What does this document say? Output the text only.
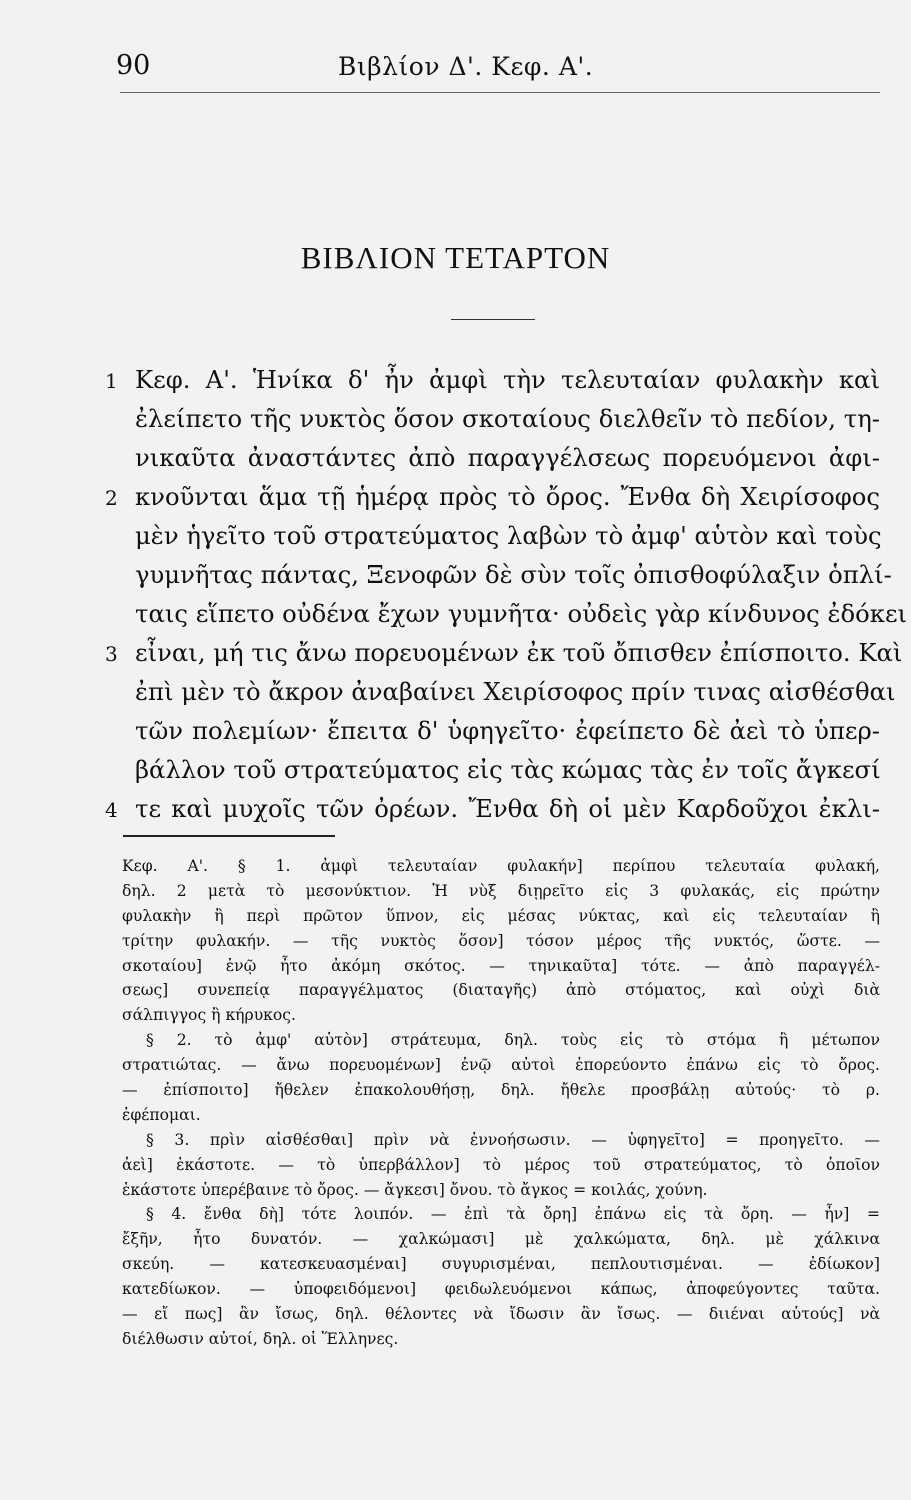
90	Βιβλίον Δ'. Κεφ. Α'.
ΒΙΒΛΙΟΝ ΤΕΤΑΡΤΟΝ
1 Κεφ. Α'. Ἡνίκα δ' ἦν ἀμφὶ τὴν τελευταίαν φυλακὴν καὶ
ἐλείπετο τῆς νυκτὸς ὅσον σκοταίους διελθεῖν τὸ πεδίον, τη-
νικαῦτα ἀναστάντες ἀπὸ παραγγέλσεως πορευόμενοι ἀφι-
2 κνοῦνται ἅμα τῇ ἡμέρᾳ πρὸς τὸ ὄρος. Ἔνθα δὴ Χειρίσοφος
μὲν ἡγεῖτο τοῦ στρατεύματος λαβὼν τὸ ἀμφ' αὑτὸν καὶ τοὺς
γυμνῆτας πάντας, Ξενοφῶν δὲ σὺν τοῖς ὀπισθοφύλαξιν ὁπλί-
ταις εἵπετο οὐδένα ἔχων γυμνῆτα· οὐδεὶς γὰρ κίνδυνος ἐδόκει
3 εἶναι, μή τις ἄνω πορευομένων ἐκ τοῦ ὄπισθεν ἐπίσποιτο. Καὶ
ἐπὶ μὲν τὸ ἄκρον ἀναβαίνει Χειρίσοφος πρίν τινας αἰσθέσθαι
τῶν πολεμίων· ἔπειτα δ' ὑφηγεῖτο· ἐφείπετο δὲ ἀεὶ τὸ ὑπερ-
βάλλον τοῦ στρατεύματος εἰς τὰς κώμας τὰς ἐν τοῖς ἄγκεσί
4 τε καὶ μυχοῖς τῶν ὀρέων. Ἔνθα δὴ οἱ μὲν Καρδοῦχοι ἐκλι-
Κεφ. Α'. § 1. ἀμφὶ τελευταίαν φυλακήν] περίπου τελευταία φυλακή,
δηλ. 2 μετὰ τὸ μεσονύκτιον. Ἡ νὺξ διῃρεῖτο εἰς 3 φυλακάς, εἰς πρώτην
φυλακὴν ἢ περὶ πρῶτον ὕπνον, εἰς μέσας νύκτας, καὶ εἰς τελευταίαν ἢ
τρίτην φυλακήν. — τῆς νυκτὸς ὅσον] τόσον μέρος τῆς νυκτός, ὥστε. —
σκοταίου] ἐνῷ ἦτο ἀκόμη σκότος. — τηνικαῦτα] τότε. — ἀπὸ παραγγέλ-
σεως] συνεπείᾳ παραγγέλματος (διαταγῆς) ἀπὸ στόματος, καὶ οὐχὶ διὰ
σάλπιγγος ἢ κήρυκος.
§ 2. τὸ ἀμφ' αὑτὸν] στράτευμα, δηλ. τοὺς εἰς τὸ στόμα ἢ μέτωπον
στρατιώτας. — ἄνω πορευομένων] ἐνῷ αὐτοὶ ἐπορεύοντο ἐπάνω εἰς τὸ ὄρος.
— ἐπίσποιτο] ἤθελεν ἐπακολουθήσῃ, δηλ. ἤθελε προσβάλῃ αὐτούς· τὸ ρ.
ἐφέπομαι.
§ 3. πρὶν αἰσθέσθαι] πρὶν νὰ ἐννοήσωσιν. — ὑφηγεῖτο] = προηγεῖτο. —
ἀεὶ] ἑκάστοτε. — τὸ ὑπερβάλλον] τὸ μέρος τοῦ στρατεύματος, τὸ ὁποῖον
ἑκάστοτε ὑπερέβαινε τὸ ὄρος. — ἄγκεσι] ὄνου. τὸ ἄγκος = κοιλάς, χούνη.
§ 4. ἔνθα δὴ] τότε λοιπόν. — ἐπὶ τὰ ὄρη] ἐπάνω εἰς τὰ ὄρη. — ἦν] =
ἔξῆν, ἦτο δυνατόν. — χαλκώμασι] μὲ χαλκώματα, δηλ. μὲ χάλκινα
σκεύη. — κατεσκευασμέναι] συγυρισμέναι, πεπλουτισμέναι. — ἐδίωκον]
κατεδίωκον. — ὑποφειδόμενοι] φειδωλευόμενοι κάπως, ἀποφεύγοντες ταῦτα.
— εἴ πως] ἂν ἴσως, δηλ. θέλοντες νὰ ἴδωσιν ἂν ἴσως. — διιέναι αὐτούς] νὰ
διέλθωσιν αὐτοί, δηλ. οἱ Ἕλληνες.
